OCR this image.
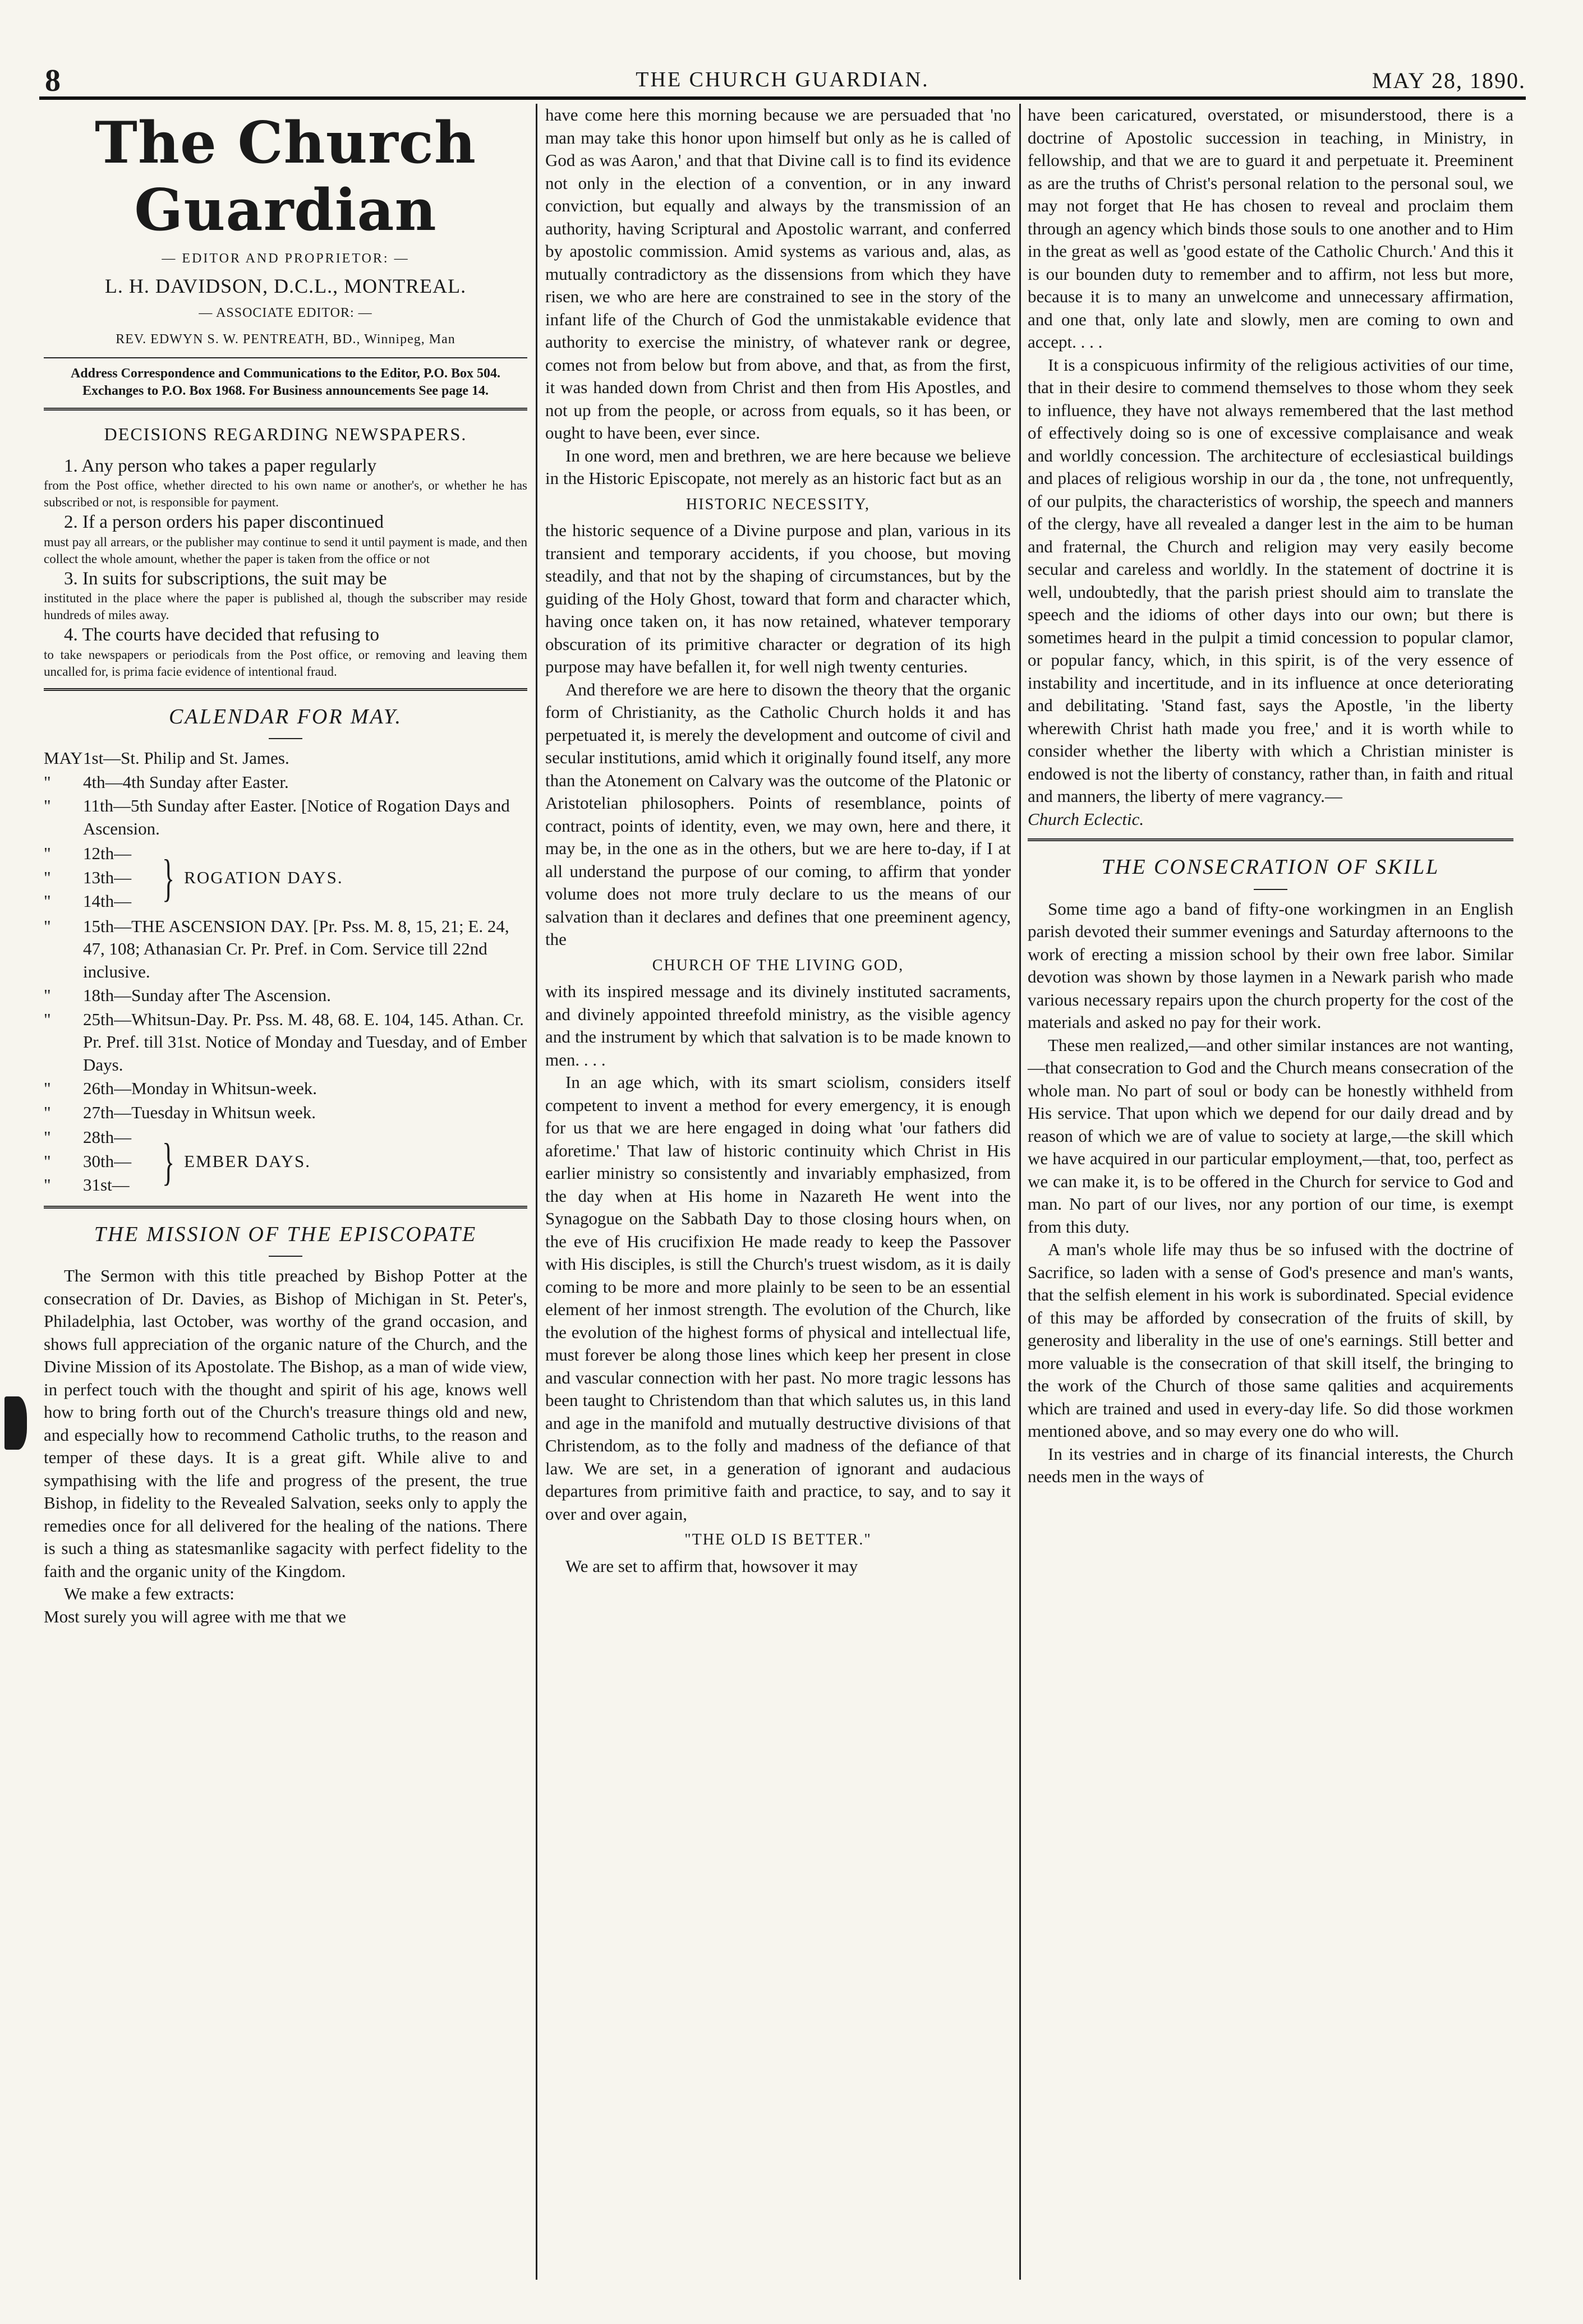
8	THE CHURCH GUARDIAN.	MAY 28, 1890.
The Church Guardian
— EDITOR AND PROPRIETOR: —
L. H. DAVIDSON, D.C.L., MONTREAL.
— ASSOCIATE EDITOR: —
REV. EDWYN S. W. PENTREATH, BD., Winnipeg, Man
Address Correspondence and Communications to the Editor, P.O. Box 504. Exchanges to P.O. Box 1968. For Business announcements See page 14.
DECISIONS REGARDING NEWSPAPERS.

1. Any person who takes a paper regularly

from the Post office, whether directed to his own name or another's, or whether he has subscribed or not, is responsible for payment.

2. If a person orders his paper discontinued

must pay all arrears, or the publisher may continue to send it until payment is made, and then collect the whole amount, whether the paper is taken from the office or not

3. In suits for subscriptions, the suit may be

instituted in the place where the paper is published al, though the subscriber may reside hundreds of miles away.

4. The courts have decided that refusing to

to take newspapers or periodicals from the Post office, or removing and leaving them uncalled for, is prima facie evidence of intentional fraud.

CALENDAR FOR MAY.
MAY 1st—St. Philip and St. James.
"	4th—4th Sunday after Easter.
"	11th—5th Sunday after Easter. [Notice of Rogation Days and Ascension.
"	12th—
"	13th—
"	14th— } ROGATION DAYS.
"	15th—THE ASCENSION DAY. [Pr. Pss. M. 8, 15, 21; E. 24, 47, 108; Athanasian Cr. Pr. Pref. in Com. Service till 22nd inclusive.
"	18th—Sunday after The Ascension.
"	25th—Whitsun-Day. Pr. Pss. M. 48, 68. E. 104, 145. Athan. Cr. Pr. Pref. till 31st. Notice of Monday and Tuesday, and of Ember Days.
"	26th—Monday in Whitsun-week.
"	27th—Tuesday in Whitsun week.
"	28th—
"	30th—
"	31st— } EMBER DAYS.
THE MISSION OF THE EPISCOPATE

The Sermon with this title preached by Bishop Potter at the consecration of Dr. Davies, as Bishop of Michigan in St. Peter's, Philadelphia, last October, was worthy of the grand occasion, and shows full appreciation of the organic nature of the Church, and the Divine Mission of its Apostolate. The Bishop, as a man of wide view, in perfect touch with the thought and spirit of his age, knows well how to bring forth out of the Church's treasure things old and new, and especially how to recommend Catholic truths, to the reason and temper of these days. It is a great gift. While alive to and sympathising with the life and progress of the present, the true Bishop, in fidelity to the Revealed Salvation, seeks only to apply the remedies once for all delivered for the healing of the nations. There is such a thing as statesmanlike sagacity with perfect fidelity to the faith and the organic unity of the Kingdom.

We make a few extracts:

Most surely you will agree with me that we

have come here this morning because we are persuaded that 'no man may take this honor upon himself but only as he is called of God as was Aaron,' and that that Divine call is to find its evidence not only in the election of a convention, or in any inward conviction, but equally and always by the transmission of an authority, having Scriptural and Apostolic warrant, and conferred by apostolic commission. Amid systems as various and, alas, as mutually contradictory as the dissensions from which they have risen, we who are here are constrained to see in the story of the infant life of the Church of God the unmistakable evidence that authority to exercise the ministry, of whatever rank or degree, comes not from below but from above, and that, as from the first, it was handed down from Christ and then from His Apostles, and not up from the people, or across from equals, so it has been, or ought to have been, ever since.

In one word, men and brethren, we are here because we believe in the Historic Episcopate, not merely as an historic fact but as an

HISTORIC NECESSITY,

the historic sequence of a Divine purpose and plan, various in its transient and temporary accidents, if you choose, but moving steadily, and that not by the shaping of circumstances, but by the guiding of the Holy Ghost, toward that form and character which, having once taken on, it has now retained, whatever temporary obscuration of its primitive character or degration of its high purpose may have befallen it, for well nigh twenty centuries.

And therefore we are here to disown the theory that the organic form of Christianity, as the Catholic Church holds it and has perpetuated it, is merely the development and outcome of civil and secular institutions, amid which it originally found itself, any more than the Atonement on Calvary was the outcome of the Platonic or Aristotelian philosophers. Points of resemblance, points of contract, points of identity, even, we may own, here and there, it may be, in the one as in the others, but we are here to-day, if I at all understand the purpose of our coming, to affirm that yonder volume does not more truly declare to us the means of our salvation than it declares and defines that one preeminent agency, the

CHURCH OF THE LIVING GOD,

with its inspired message and its divinely instituted sacraments, and divinely appointed threefold ministry, as the visible agency and the instrument by which that salvation is to be made known to men. . . .

In an age which, with its smart sciolism, considers itself competent to invent a method for every emergency, it is enough for us that we are here engaged in doing what 'our fathers did aforetime.' That law of historic continuity which Christ in His earlier ministry so consistently and invariably emphasized, from the day when at His home in Nazareth He went into the Synagogue on the Sabbath Day to those closing hours when, on the eve of His crucifixion He made ready to keep the Passover with His disciples, is still the Church's truest wisdom, as it is daily coming to be more and more plainly to be seen to be an essential element of her inmost strength. The evolution of the Church, like the evolution of the highest forms of physical and intellectual life, must forever be along those lines which keep her present in close and vascular connection with her past. No more tragic lessons has been taught to Christendom than that which salutes us, in this land and age in the manifold and mutually destructive divisions of that Christendom, as to the folly and madness of the defiance of that law. We are set, in a generation of ignorant and audacious departures from primitive faith and practice, to say, and to say it over and over again,

"THE OLD IS BETTER."

We are set to affirm that, howsover it may

have been caricatured, overstated, or misunderstood, there is a doctrine of Apostolic succession in teaching, in Ministry, in fellowship, and that we are to guard it and perpetuate it. Preeminent as are the truths of Christ's personal relation to the personal soul, we may not forget that He has chosen to reveal and proclaim them through an agency which binds those souls to one another and to Him in the great as well as 'good estate of the Catholic Church.' And this it is our bounden duty to remember and to affirm, not less but more, because it is to many an unwelcome and unnecessary affirmation, and one that, only late and slowly, men are coming to own and accept. . . .

It is a conspicuous infirmity of the religious activities of our time, that in their desire to commend themselves to those whom they seek to influence, they have not always remembered that the last method of effectively doing so is one of excessive complaisance and weak and worldly concession. The architecture of ecclesiastical buildings and places of religious worship in our da , the tone, not unfrequently, of our pulpits, the characteristics of worship, the speech and manners of the clergy, have all revealed a danger lest in the aim to be human and fraternal, the Church and religion may very easily become secular and careless and worldly. In the statement of doctrine it is well, undoubtedly, that the parish priest should aim to translate the speech and the idioms of other days into our own; but there is sometimes heard in the pulpit a timid concession to popular clamor, or popular fancy, which, in this spirit, is of the very essence of instability and incertitude, and in its influence at once deteriorating and debilitating. 'Stand fast, says the Apostle, 'in the liberty wherewith Christ hath made you free,' and it is worth while to consider whether the liberty with which a Christian minister is endowed is not the liberty of constancy, rather than, in faith and ritual and manners, the liberty of mere vagrancy.—

Church Eclectic.

THE CONSECRATION OF SKILL

Some time ago a band of fifty-one workingmen in an English parish devoted their summer evenings and Saturday afternoons to the work of erecting a mission school by their own free labor. Similar devotion was shown by those laymen in a Newark parish who made various necessary repairs upon the church property for the cost of the materials and asked no pay for their work.

These men realized,—and other similar instances are not wanting,—that consecration to God and the Church means consecration of the whole man. No part of soul or body can be honestly withheld from His service. That upon which we depend for our daily dread and by reason of which we are of value to society at large,—the skill which we have acquired in our particular employment,—that, too, perfect as we can make it, is to be offered in the Church for service to God and man. No part of our lives, nor any portion of our time, is exempt from this duty.

A man's whole life may thus be so infused with the doctrine of Sacrifice, so laden with a sense of God's presence and man's wants, that the selfish element in his work is subordinated. Special evidence of this may be afforded by consecration of the fruits of skill, by generosity and liberality in the use of one's earnings. Still better and more valuable is the consecration of that skill itself, the bringing to the work of the Church of those same qalities and acquirements which are trained and used in every-day life. So did those workmen mentioned above, and so may every one do who will.

In its vestries and in charge of its financial interests, the Church needs men in the ways of
